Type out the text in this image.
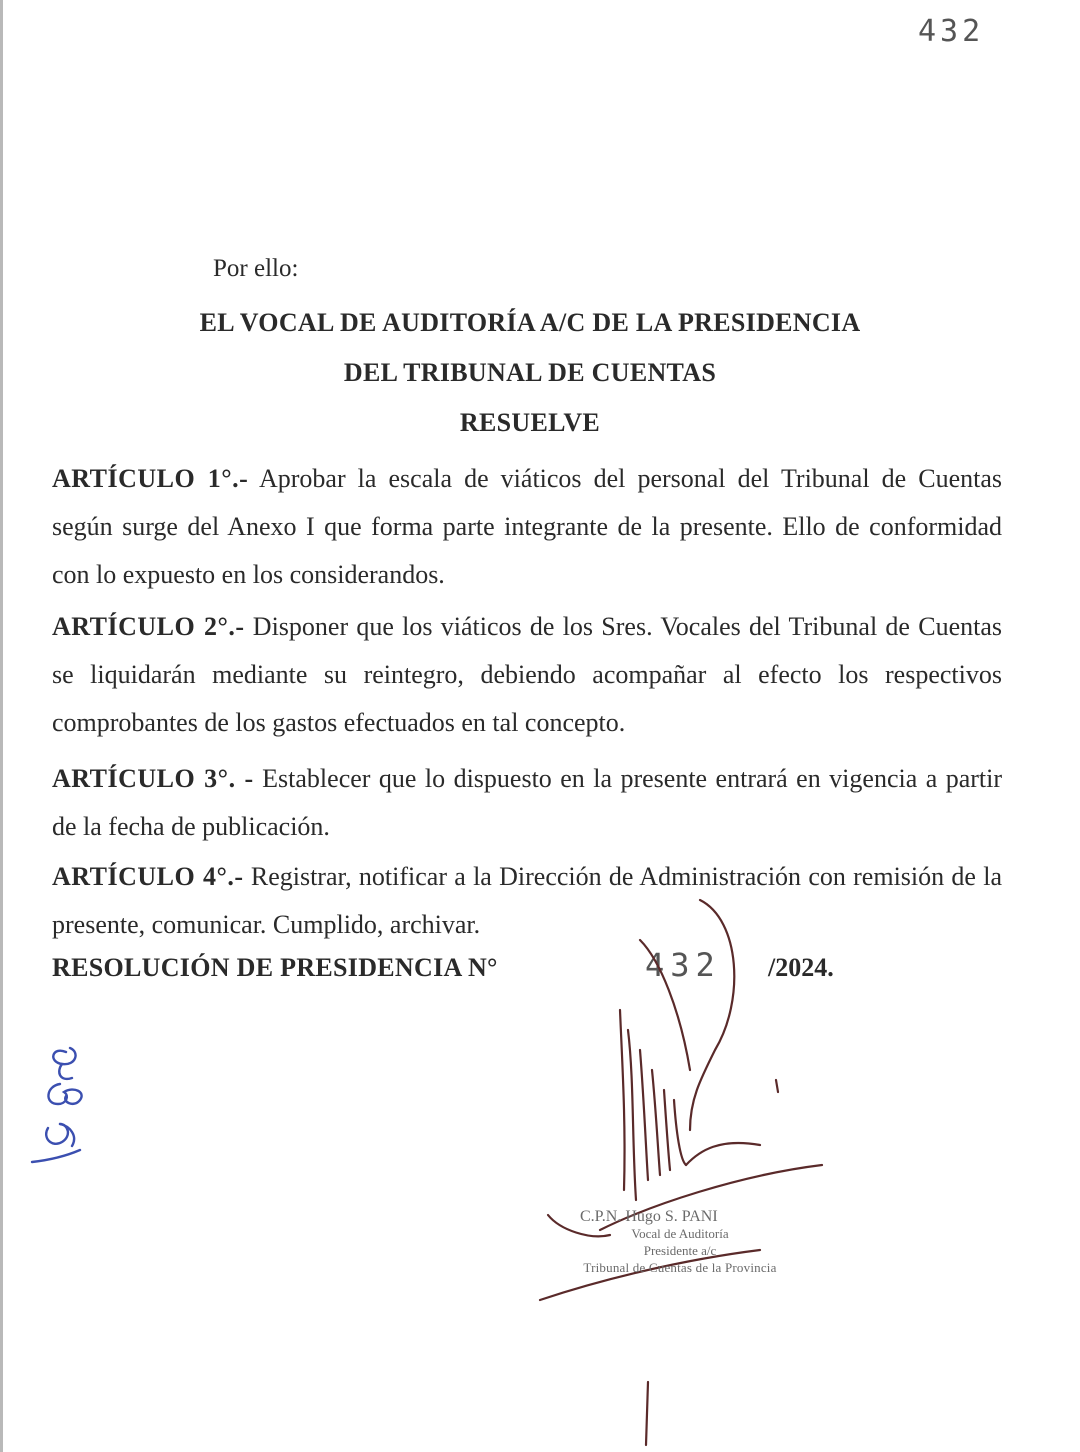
432
Por ello:
EL VOCAL DE AUDITORÍA A/C DE LA PRESIDENCIA
DEL TRIBUNAL DE CUENTAS
RESUELVE
ARTÍCULO 1°.- Aprobar la escala de viáticos del personal del Tribunal de Cuentas según surge del Anexo I que forma parte integrante de la presente. Ello de conformidad con lo expuesto en los considerandos.
ARTÍCULO 2°.- Disponer que los viáticos de los Sres. Vocales del Tribunal de Cuentas se liquidarán mediante su reintegro, debiendo acompañar al efecto los respectivos comprobantes de los gastos efectuados en tal concepto.
ARTÍCULO 3°. - Establecer que lo dispuesto en la presente entrará en vigencia a partir de la fecha de publicación.
ARTÍCULO 4°.- Registrar, notificar a la Dirección de Administración con remisión de la presente, comunicar. Cumplido, archivar.
RESOLUCIÓN DE PRESIDENCIA N°	432 /2024.
C.P.N. Hugo S. PANI
Vocal de Auditoría
Presidente a/c
Tribunal de Cuentas de la Provincia
